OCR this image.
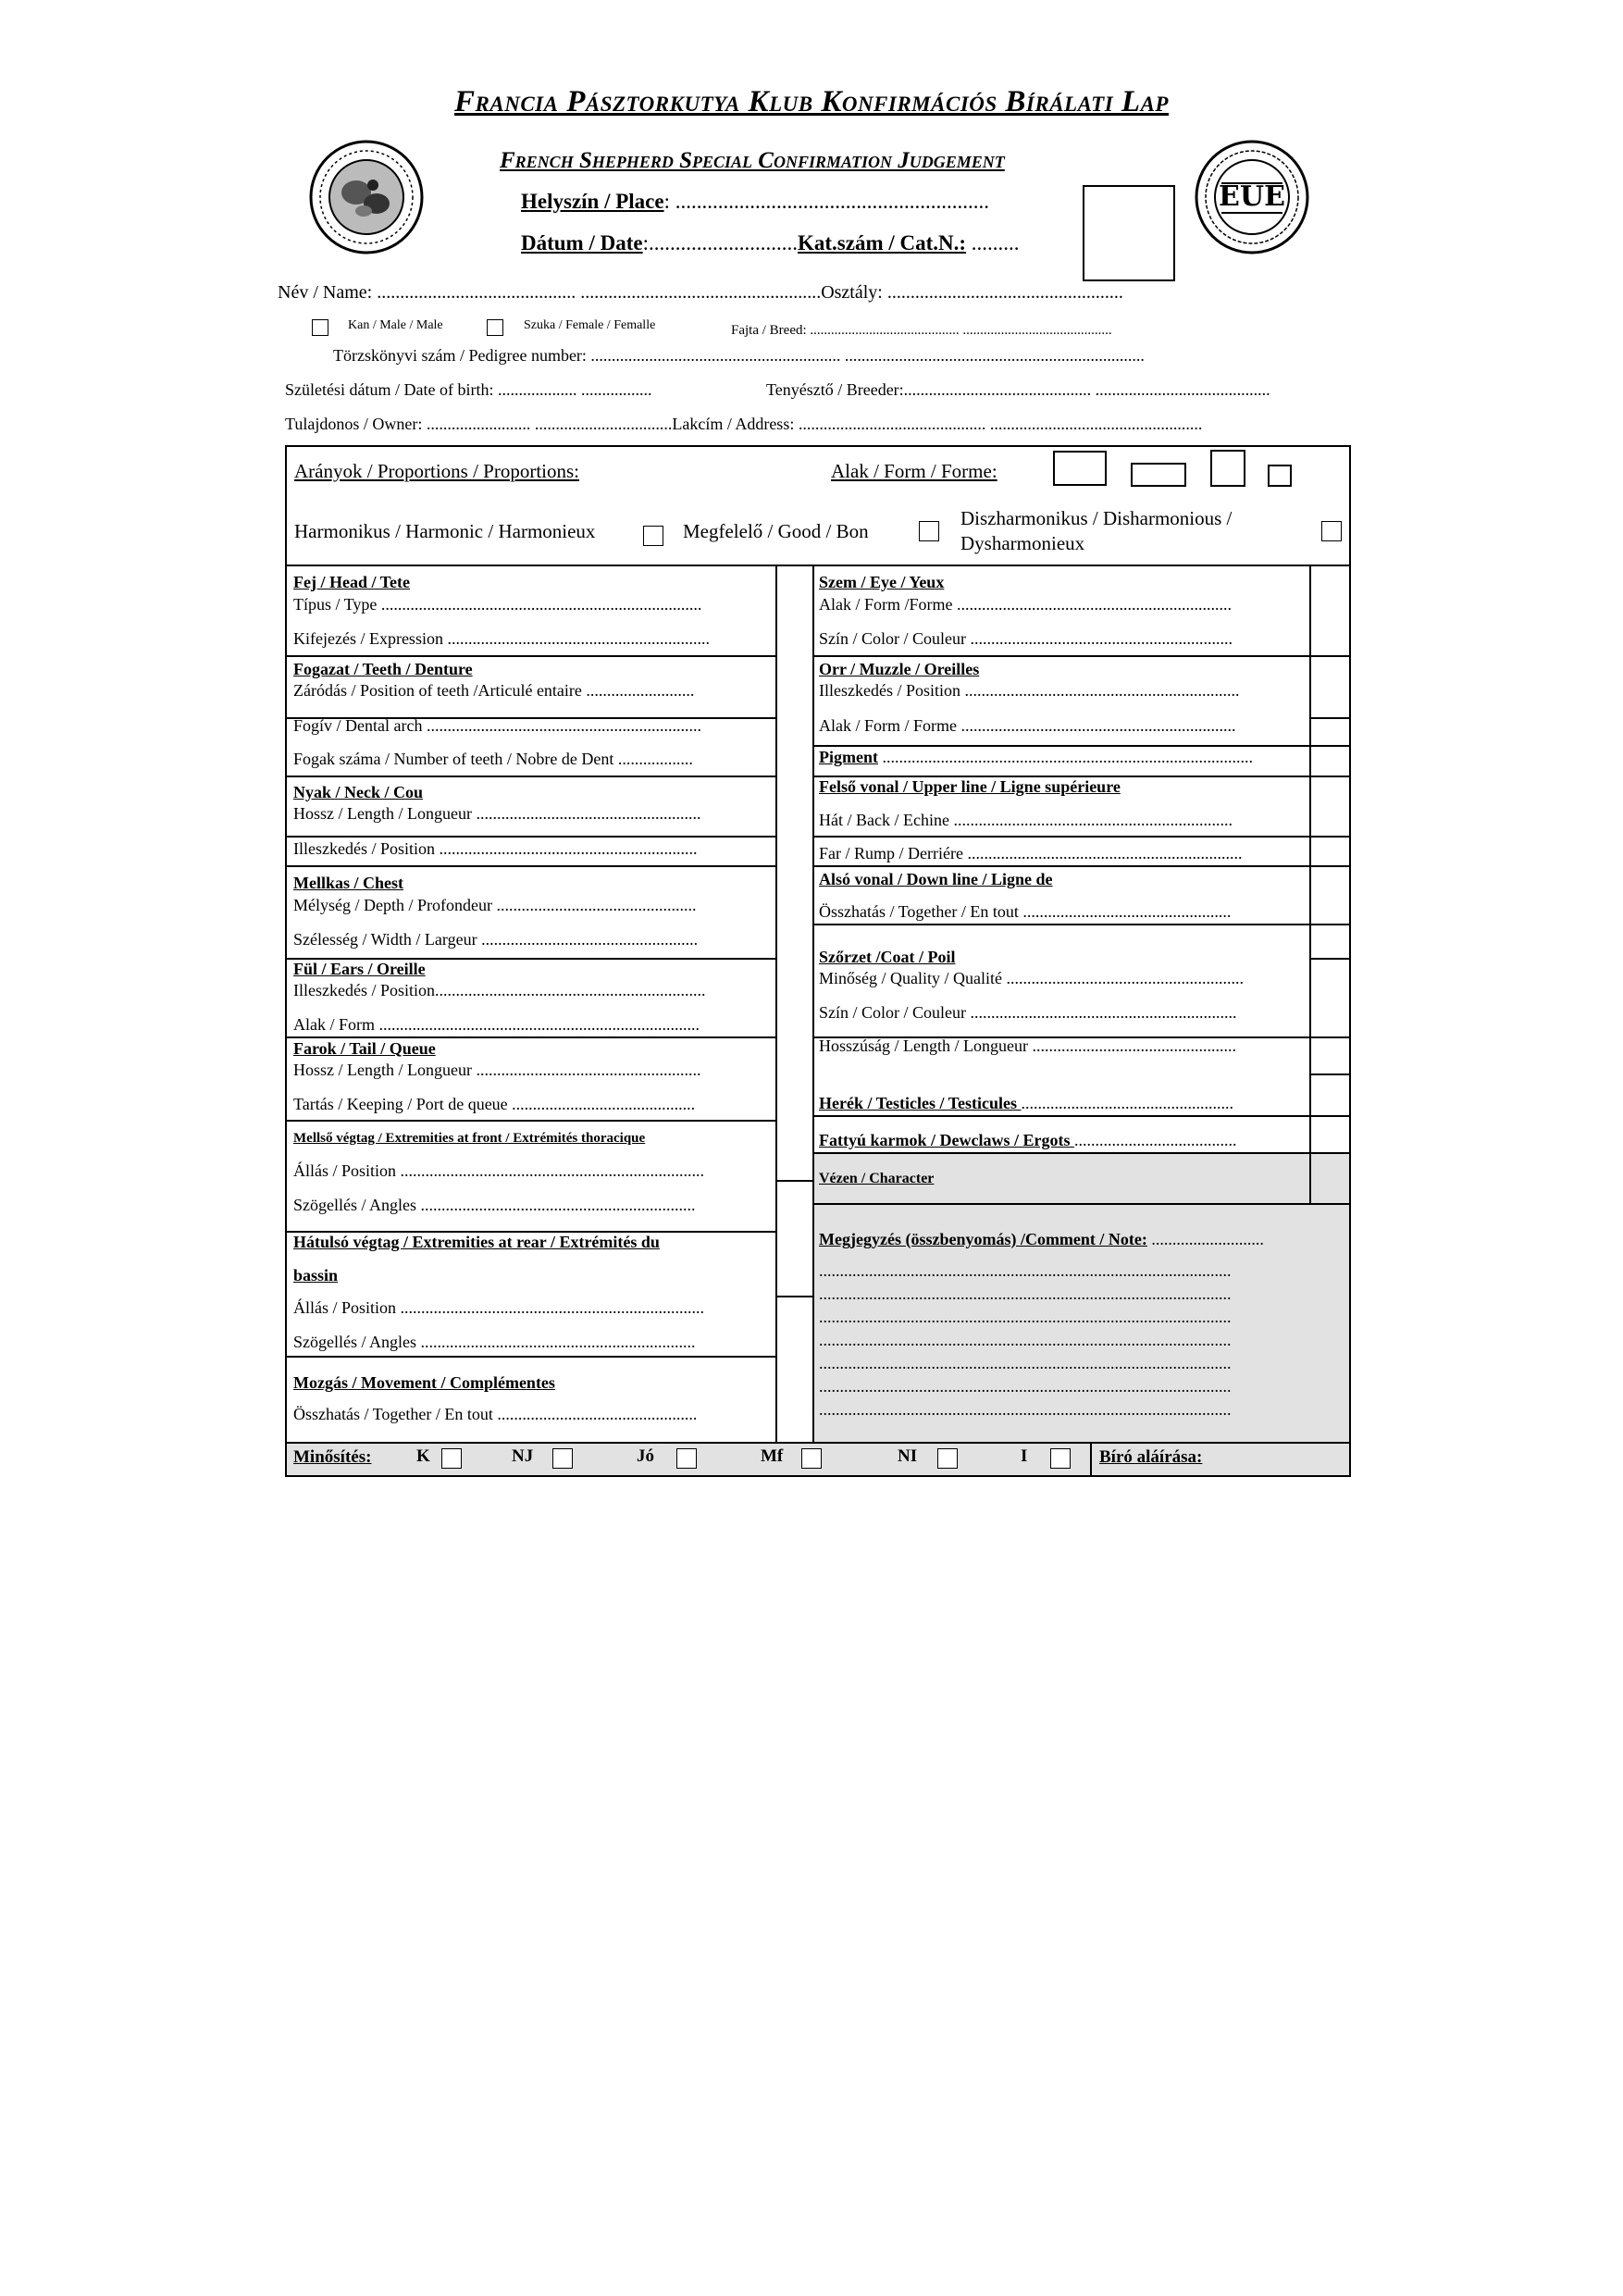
Francia Pásztorkutya Klub Konfirmációs Bírálati Lap
EUE
French Shepherd Special Confirmation Judgement
Helyszín / Place: ...........................................................
Dátum / Date:............................Kat.szám / Cat.N.: .........
Név / Name: ........................................... ....................................................Osztály: ...................................................
Kan / Male / Male	Szuka / Female / Femalle	Fajta / Breed: ........................................... ...........................................
Törzskönyvi szám / Pedigree number: ............................................................ ........................................................................
Születési dátum / Date of birth: ................... .................	Tenyésztő / Breeder:............................................. ..........................................
Tulajdonos / Owner: ......................... .................................Lakcím / Address: ............................................. ...................................................
Arányok / Proportions / Proportions:	Alak / Form / Forme:
Harmonikus / Harmonic / Harmonieux	Megfelelő / Good / Bon
Diszharmonikus / Disharmonious /
Dysharmonieux
Fej / Head / Tete
Típus / Type .............................................................................
Kifejezés / Expression ...............................................................
Fogazat / Teeth / Denture
Záródás / Position of teeth /Articulé entaire ..........................
Fogív / Dental arch ..................................................................
Fogak száma / Number of teeth / Nobre de Dent ..................
Nyak / Neck / Cou
Hossz / Length / Longueur ......................................................
Illeszkedés / Position ..............................................................
Mellkas / Chest
Mélység / Depth / Profondeur ................................................
Szélesség / Width / Largeur ....................................................
Fül / Ears / Oreille
Illeszkedés / Position.................................................................
Alak / Form .............................................................................
Farok / Tail / Queue
Hossz / Length / Longueur ......................................................
Tartás / Keeping / Port de queue ............................................
Mellső végtag / Extremities at front / Extrémités thoracique
Állás / Position .........................................................................
Szögellés / Angles ..................................................................
Hátulsó végtag / Extremities at rear / Extrémités du
bassin
Állás / Position .........................................................................
Szögellés / Angles ..................................................................
Mozgás / Movement / Complémentes
Összhatás / Together / En tout ................................................
Szem / Eye / Yeux
Alak / Form /Forme ..................................................................
Szín / Color / Couleur ...............................................................
Orr / Muzzle / Oreilles
Illeszkedés / Position ..................................................................
Alak / Form / Forme ..................................................................
Pigment .........................................................................................
Felső vonal / Upper line / Ligne supérieure
Hát / Back / Echine ...................................................................
Far / Rump / Derriére ..................................................................
Alsó vonal / Down line / Ligne de
Összhatás / Together / En tout ..................................................
Szőrzet /Coat / Poil
Minőség / Quality / Qualité .........................................................
Szín / Color / Couleur ................................................................
Hosszúság / Length / Longueur .................................................
Herék / Testicles / Testicules ...................................................
Fattyú karmok / Dewclaws / Ergots .......................................
Vézen / Character
Megjegyzés (összbenyomás) /Comment / Note: ...........................
...................................................................................................
...................................................................................................
...................................................................................................
...................................................................................................
...................................................................................................
...................................................................................................
...................................................................................................
Minősítés:	K	NJ	Jó	Mf	NI	I	Bíró aláírása:
